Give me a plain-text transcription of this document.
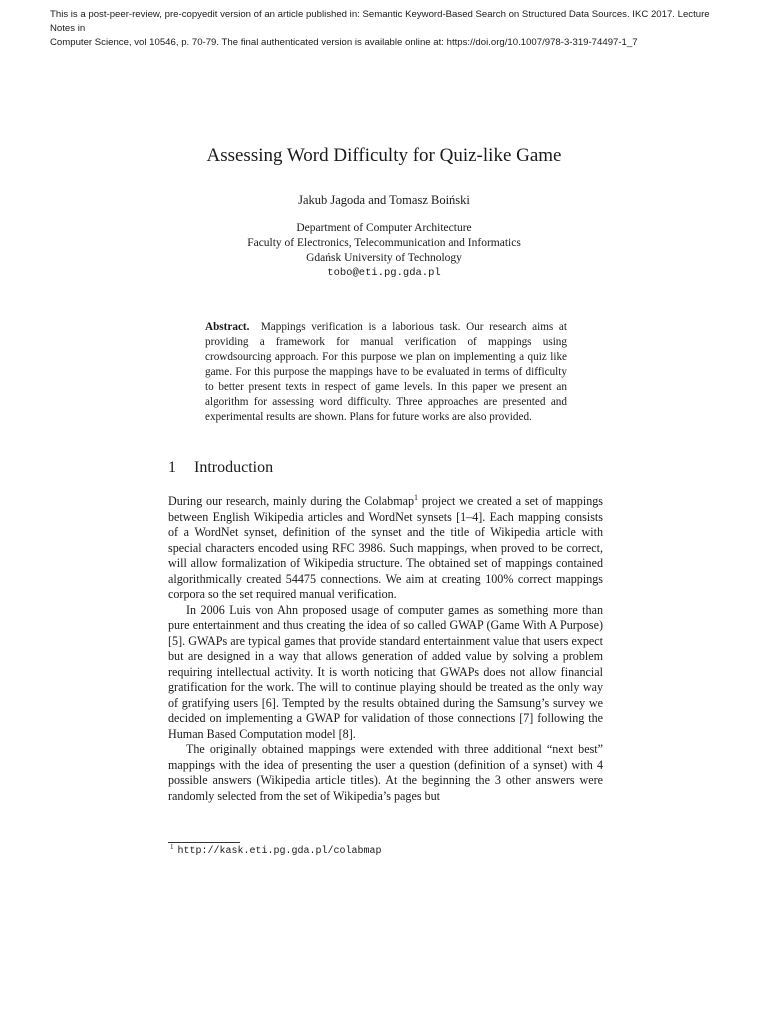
This is a post-peer-review, pre-copyedit version of an article published in: Semantic Keyword-Based Search on Structured Data Sources. IKC 2017. Lecture Notes in

Computer Science, vol 10546, p. 70-79. The final authenticated version is available online at: https://doi.org/10.1007/978-3-319-74497-1_7

Assessing Word Difficulty for Quiz-like Game
Jakub Jagoda and Tomasz Boiński
Department of Computer Architecture
Faculty of Electronics, Telecommunication and Informatics
Gdańsk University of Technology
tobo@eti.pg.gda.pl
Abstract. Mappings verification is a laborious task. Our research aims at providing a framework for manual verification of mappings using crowdsourcing approach. For this purpose we plan on implementing a quiz like game. For this purpose the mappings have to be evaluated in terms of difficulty to better present texts in respect of game levels. In this paper we present an algorithm for assessing word difficulty. Three approaches are presented and experimental results are shown. Plans for future works are also provided.
1 Introduction

During our research, mainly during the Colabmap$^1$ project we created a set of mappings between English Wikipedia articles and WordNet synsets [1–4]. Each mapping consists of a WordNet synset, definition of the synset and the title of Wikipedia article with special characters encoded using RFC 3986. Such mappings, when proved to be correct, will allow formalization of Wikipedia structure. The obtained set of mappings contained algorithmically created 54475 connections. We aim at creating 100% correct mappings corpora so the set required manual verification.

In 2006 Luis von Ahn proposed usage of computer games as something more than pure entertainment and thus creating the idea of so called GWAP (Game With A Purpose) [5]. GWAPs are typical games that provide standard entertainment value that users expect but are designed in a way that allows generation of added value by solving a problem requiring intellectual activity. It is worth noticing that GWAPs does not allow financial gratification for the work. The will to continue playing should be treated as the only way of gratifying users [6]. Tempted by the results obtained during the Samsung’s survey we decided on implementing a GWAP for validation of those connections [7] following the Human Based Computation model [8].

The originally obtained mappings were extended with three additional “next best” mappings with the idea of presenting the user a question (definition of a synset) with 4 possible answers (Wikipedia article titles). At the beginning the 3 other answers were randomly selected from the set of Wikipedia’s pages but

$^1$ http://kask.eti.pg.gda.pl/colabmap
